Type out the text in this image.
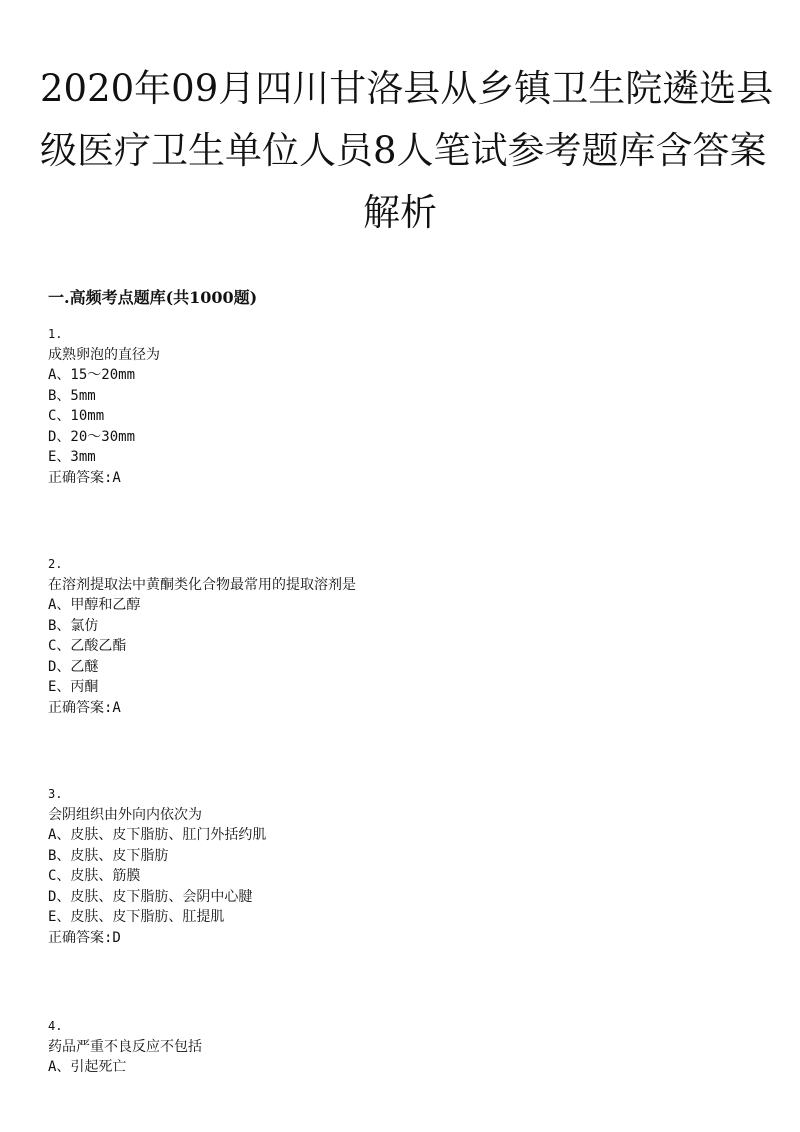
2020年09月四川甘洛县从乡镇卫生院遴选县
级医疗卫生单位人员8人笔试参考题库含答案
解析
一.高频考点题库(共1000题)
1.
成熟卵泡的直径为
A、15～20mm
B、5mm
C、10mm
D、20～30mm
E、3mm
正确答案:A
2.
在溶剂提取法中黄酮类化合物最常用的提取溶剂是
A、甲醇和乙醇
B、氯仿
C、乙酸乙酯
D、乙醚
E、丙酮
正确答案:A
3.
会阴组织由外向内依次为
A、皮肤、皮下脂肪、肛门外括约肌
B、皮肤、皮下脂肪
C、皮肤、筋膜
D、皮肤、皮下脂肪、会阴中心腱
E、皮肤、皮下脂肪、肛提肌
正确答案:D
4.
药品严重不良反应不包括
A、引起死亡
